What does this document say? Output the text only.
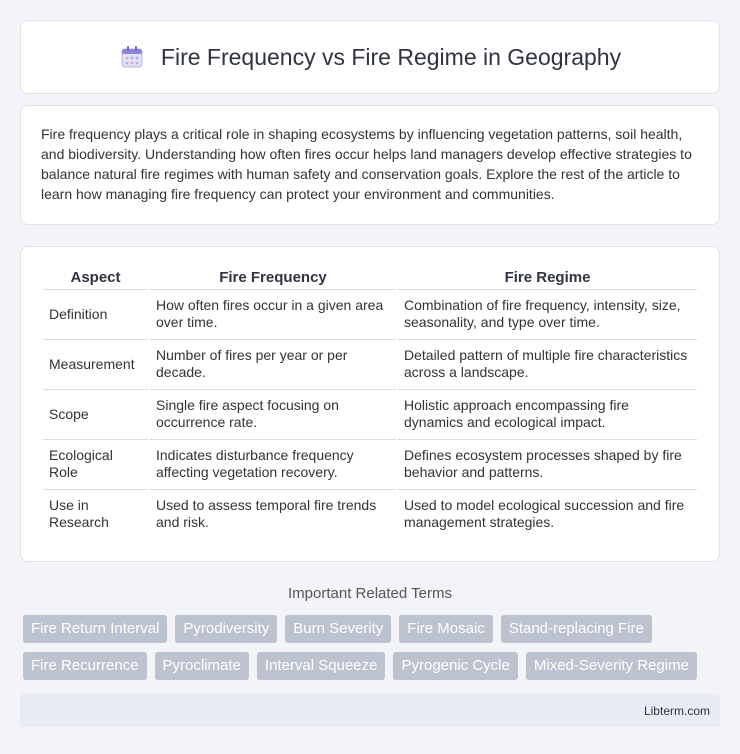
Fire Frequency vs Fire Regime in Geography

Fire frequency plays a critical role in shaping ecosystems by influencing vegetation patterns, soil health, and biodiversity. Understanding how often fires occur helps land managers develop effective strategies to balance natural fire regimes with human safety and conservation goals. Explore the rest of the article to learn how managing fire frequency can protect your environment and communities.

Aspect	Fire Frequency	Fire Regime
Definition	How often fires occur in a given area over time.	Combination of fire frequency, intensity, size, seasonality, and type over time.
Measurement	Number of fires per year or per decade.	Detailed pattern of multiple fire characteristics across a landscape.
Scope	Single fire aspect focusing on occurrence rate.	Holistic approach encompassing fire dynamics and ecological impact.
Ecological Role	Indicates disturbance frequency affecting vegetation recovery.	Defines ecosystem processes shaped by fire behavior and patterns.
Use in Research	Used to assess temporal fire trends and risk.	Used to model ecological succession and fire management strategies.
Important Related Terms
Fire Return Interval	Pyrodiversity	Burn Severity	Fire Mosaic	Stand-replacing Fire
Fire Recurrence	Pyroclimate	Interval Squeeze	Pyrogenic Cycle	Mixed-Severity Regime
Libterm.com
